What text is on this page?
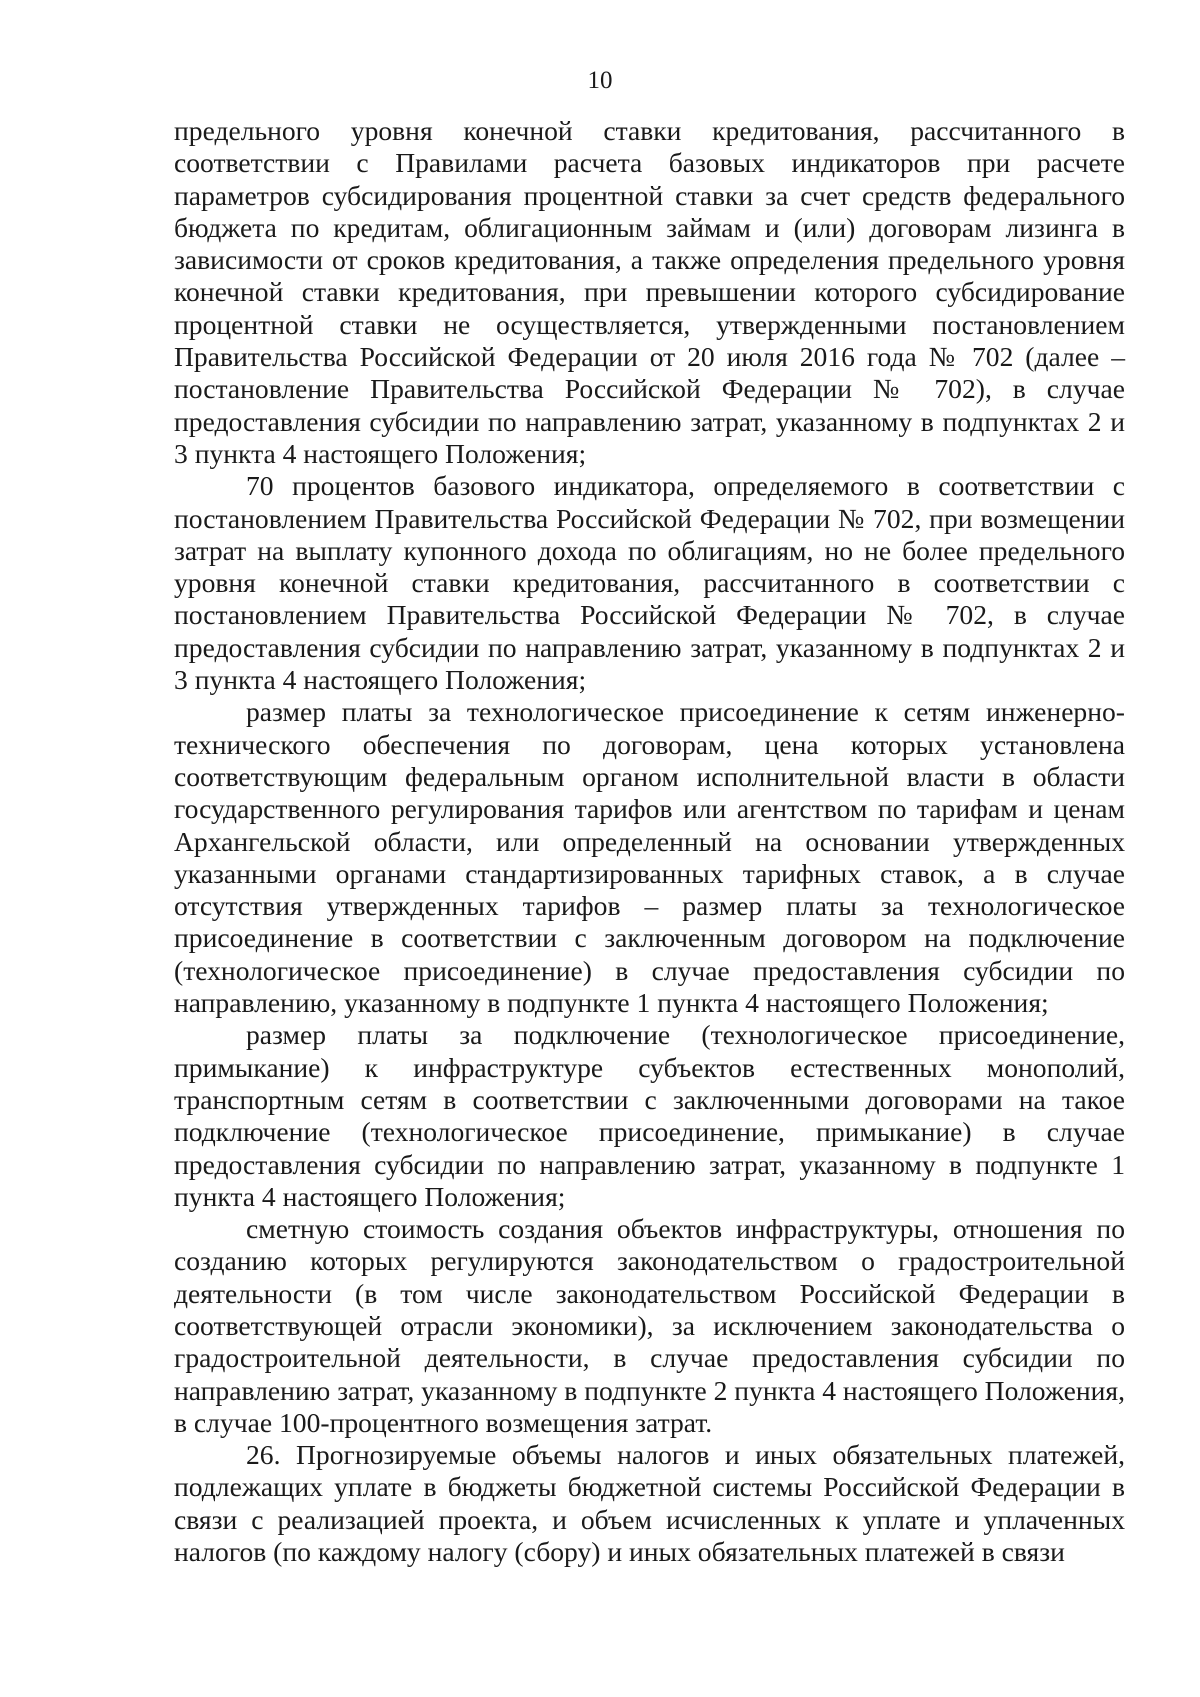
10

предельного уровня конечной ставки кредитования, рассчитанного в соответствии с Правилами расчета базовых индикаторов при расчете параметров субсидирования процентной ставки за счет средств федерального бюджета по кредитам, облигационным займам и (или) договорам лизинга в зависимости от сроков кредитования, а также определения предельного уровня конечной ставки кредитования, при превышении которого субсидирование процентной ставки не осуществляется, утвержденными постановлением Правительства Российской Федерации от 20 июля 2016 года № 702 (далее – постановление Правительства Российской Федерации № 702), в случае предоставления субсидии по направлению затрат, указанному в подпунктах 2 и 3 пункта 4 настоящего Положения;

70 процентов базового индикатора, определяемого в соответствии с постановлением Правительства Российской Федерации № 702, при возмещении затрат на выплату купонного дохода по облигациям, но не более предельного уровня конечной ставки кредитования, рассчитанного в соответствии с постановлением Правительства Российской Федерации № 702, в случае предоставления субсидии по направлению затрат, указанному в подпунктах 2 и 3 пункта 4 настоящего Положения;

размер платы за технологическое присоединение к сетям инженерно-технического обеспечения по договорам, цена которых установлена соответствующим федеральным органом исполнительной власти в области государственного регулирования тарифов или агентством по тарифам и ценам Архангельской области, или определенный на основании утвержденных указанными органами стандартизированных тарифных ставок, а в случае отсутствия утвержденных тарифов – размер платы за технологическое присоединение в соответствии с заключенным договором на подключение (технологическое присоединение) в случае предоставления субсидии по направлению, указанному в подпункте 1 пункта 4 настоящего Положения;

размер платы за подключение (технологическое присоединение, примыкание) к инфраструктуре субъектов естественных монополий, транспортным сетям в соответствии с заключенными договорами на такое подключение (технологическое присоединение, примыкание) в случае предоставления субсидии по направлению затрат, указанному в подпункте 1 пункта 4 настоящего Положения;

сметную стоимость создания объектов инфраструктуры, отношения по созданию которых регулируются законодательством о градостроительной деятельности (в том числе законодательством Российской Федерации в соответствующей отрасли экономики), за исключением законодательства о градостроительной деятельности, в случае предоставления субсидии по направлению затрат, указанному в подпункте 2 пункта 4 настоящего Положения, в случае 100-процентного возмещения затрат.

26. Прогнозируемые объемы налогов и иных обязательных платежей, подлежащих уплате в бюджеты бюджетной системы Российской Федерации в связи с реализацией проекта, и объем исчисленных к уплате и уплаченных налогов (по каждому налогу (сбору) и иных обязательных платежей в связи
